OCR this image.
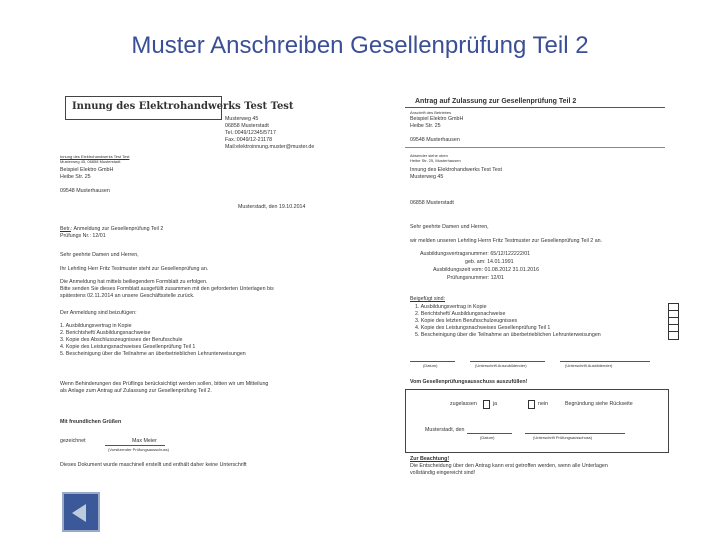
Muster Anschreiben Gesellenprüfung Teil 2
Innung des Elektrohandwerks Test Test
Musterweg 45
06858 Musterstadt
Tel.:0049/12345/5717
Fax.:0049/12-21178
Mail:elektroinnung.muster@muster.de
Innung des Elektrohandwerks Test Test
Musterweg 45, 06858 Musterstadt
Beispiel Elektro GmbH
Heibe Str. 25
09548 Musterhausen
Musterstadt, den 19.10.2014
Betr.: Anmeldung zur Gesellenprüfung Teil 2
Prüfungs Nr.: 12/01
Sehr geehrte Damen und Herren,
Ihr Lehrling Herr Fritz Testmuster steht zur Gesellenprüfung an.
Die Anmeldung hat mittels beiliegendem Formblatt zu erfolgen.
Bitte senden Sie dieses Formblatt ausgefüllt zusammen mit den geforderten Unterlagen bis
spätestens 02.11.2014 an unsere Geschäftsstelle zurück.
Der Anmeldung sind beizufügen:
1. Ausbildungsvertrag in Kopie
2. Berichtsheft/ Ausbildungsnachweise
3. Kopie des Abschlusszeugnisses der Berufsschule
4. Kopie des Leistungsnachweises Gesellenprüfung Teil 1
5. Bescheinigung über die Teilnahme an überbetrieblichen Lehrunterweisungen
Wenn Behinderungen des Prüflings berücksichtigt werden sollen, bitten wir um Mitteilung
als Anlage zum Antrag auf Zulassung zur Gesellenprüfung Teil 2.
Mit freundlichen Grüßen
gezeichnet	Max Meier
(Vorsitzender Prüfungsausschuss)
Dieses Dokument wurde maschinell erstellt und enthält daher keine Unterschrift
Antrag auf Zulassung zur Gesellenprüfung Teil 2
Anschrift des Betriebes
Beispiel Elektro GmbH
Heibe Str. 25
09548 Musterhausen
Absender siehe oben
Heibe Str. 25, Musterhausen
Innung des Elektrohandwerks Test Test
Musterweg 45
06858 Musterstadt
Sehr geehrte Damen und Herren,
wir melden unseren Lehrling Herrn Fritz Testmuster zur Gesellenprüfung Teil 2 an.
Ausbildungsvertragsnummer: 65/12/122222/01
geb. am: 14.01.1991
Ausbildungszeit vom: 01.08.2012 31.01.2016
Prüfungsnummer: 12/01
Beigefügt sind:
1. Ausbildungsvertrag in Kopie
2. Berichtsheft/ Ausbildungsnachweise
3. Kopie des letzten Berufsschulzeugnisses
4. Kopie des Leistungsnachweises Gesellenprüfung Teil 1
5. Bescheinigung über die Teilnahme an überbetrieblichen Lehrunterweisungen
(Datum)	(Unterschrift Auszubildender)	(Unterschrift Ausbildender)
Vom Gesellenprüfungsausschuss auszufüllen!
zugelassen	ja	nein	Begründung siehe Rückseite
Musterstadt, den
(Datum)	(Unterschrift Prüfungsausschuss)
Zur Beachtung!
Die Entscheidung über den Antrag kann erst getroffen werden, wenn alle Unterlagen
vollständig eingereicht sind!
